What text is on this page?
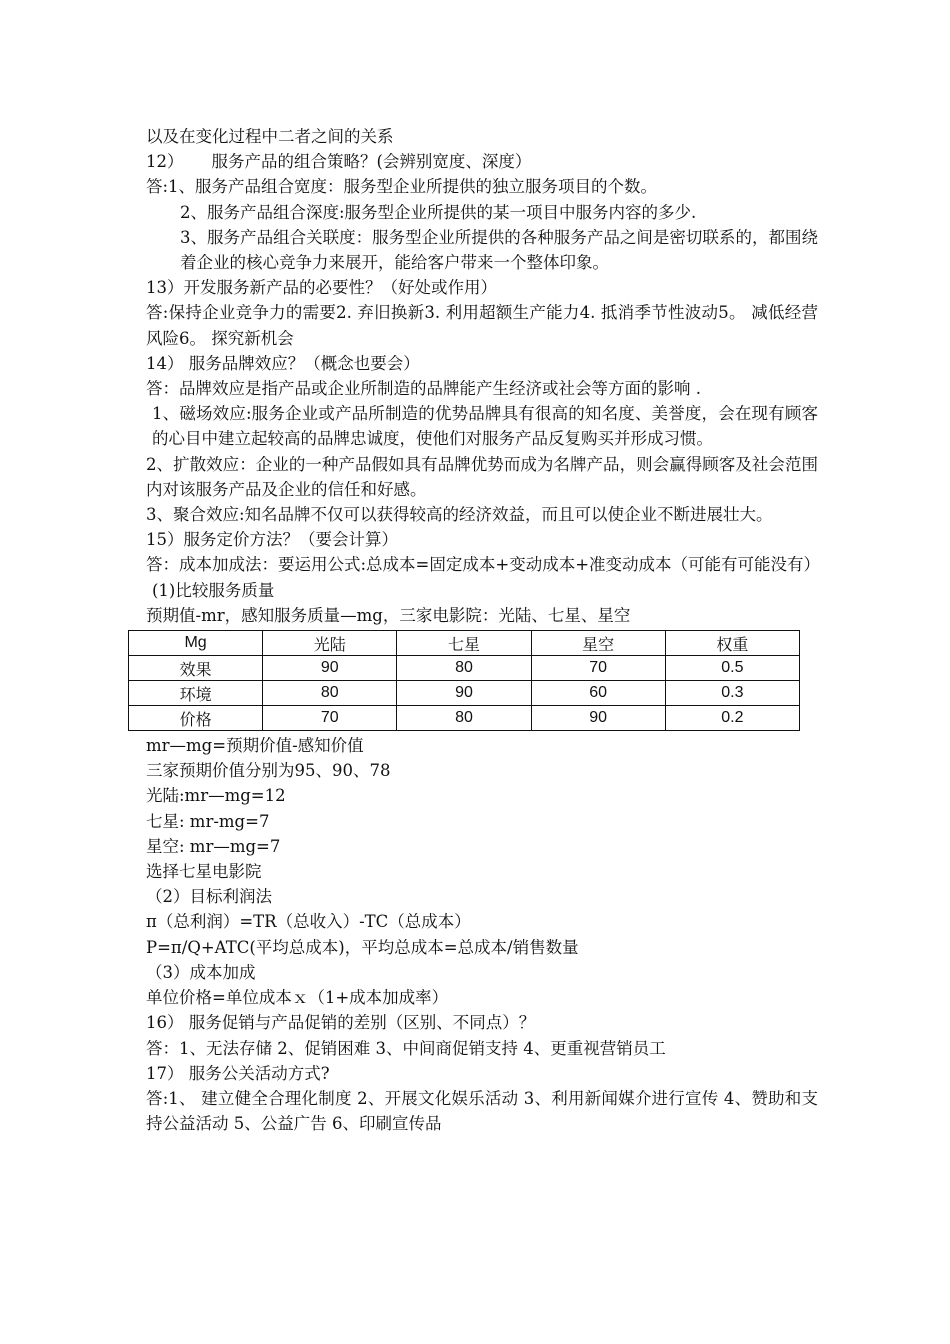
以及在变化过程中二者之间的关系
12） 服务产品的组合策略？(会辨别宽度、深度）
答:1、服务产品组合宽度：服务型企业所提供的独立服务项目的个数。
2、服务产品组合深度:服务型企业所提供的某一项目中服务内容的多少.
3、服务产品组合关联度：服务型企业所提供的各种服务产品之间是密切联系的，都围绕着企业的核心竞争力来展开，能给客户带来一个整体印象。
13）开发服务新产品的必要性？（好处或作用）
答:保持企业竞争力的需要2. 弃旧换新3. 利用超额生产能力4. 抵消季节性波动5。 减低经营风险6。 探究新机会
14） 服务品牌效应？（概念也要会）
答：品牌效应是指产品或企业所制造的品牌能产生经济或社会等方面的影响 .
1、磁场效应:服务企业或产品所制造的优势品牌具有很高的知名度、美誉度，会在现有顾客的心目中建立起较高的品牌忠诚度，使他们对服务产品反复购买并形成习惯。
2、扩散效应：企业的一种产品假如具有品牌优势而成为名牌产品，则会赢得顾客及社会范围内对该服务产品及企业的信任和好感。
3、聚合效应:知名品牌不仅可以获得较高的经济效益，而且可以使企业不断进展壮大。
15）服务定价方法？（要会计算）
答：成本加成法：要运用公式:总成本=固定成本+变动成本+准变动成本（可能有可能没有）
(1)比较服务质量
预期值-mr，感知服务质量—mg，三家电影院：光陆、七星、星空
Mg	光陆	七星	星空	权重
效果	90	80	70	0.5
环境	80	90	60	0.3
价格	70	80	90	0.2
mr—mg=预期价值-感知价值
三家预期价值分别为95、90、78
光陆:mr—mg=12
七星: mr-mg=7
星空: mr—mg=7
选择七星电影院
（2）目标利润法
π（总利润）=TR（总收入）-TC（总成本）
P=π/Q+ATC(平均总成本)，平均总成本=总成本/销售数量
（3）成本加成
单位价格=单位成本ｘ（1+成本加成率）
16） 服务促销与产品促销的差别（区别、不同点）？
答：1、无法存储 2、促销困难 3、中间商促销支持 4、更重视营销员工
17） 服务公关活动方式?
答:1、 建立健全合理化制度 2、开展文化娱乐活动 3、利用新闻媒介进行宣传 4、赞助和支持公益活动 5、公益广告 6、印刷宣传品
